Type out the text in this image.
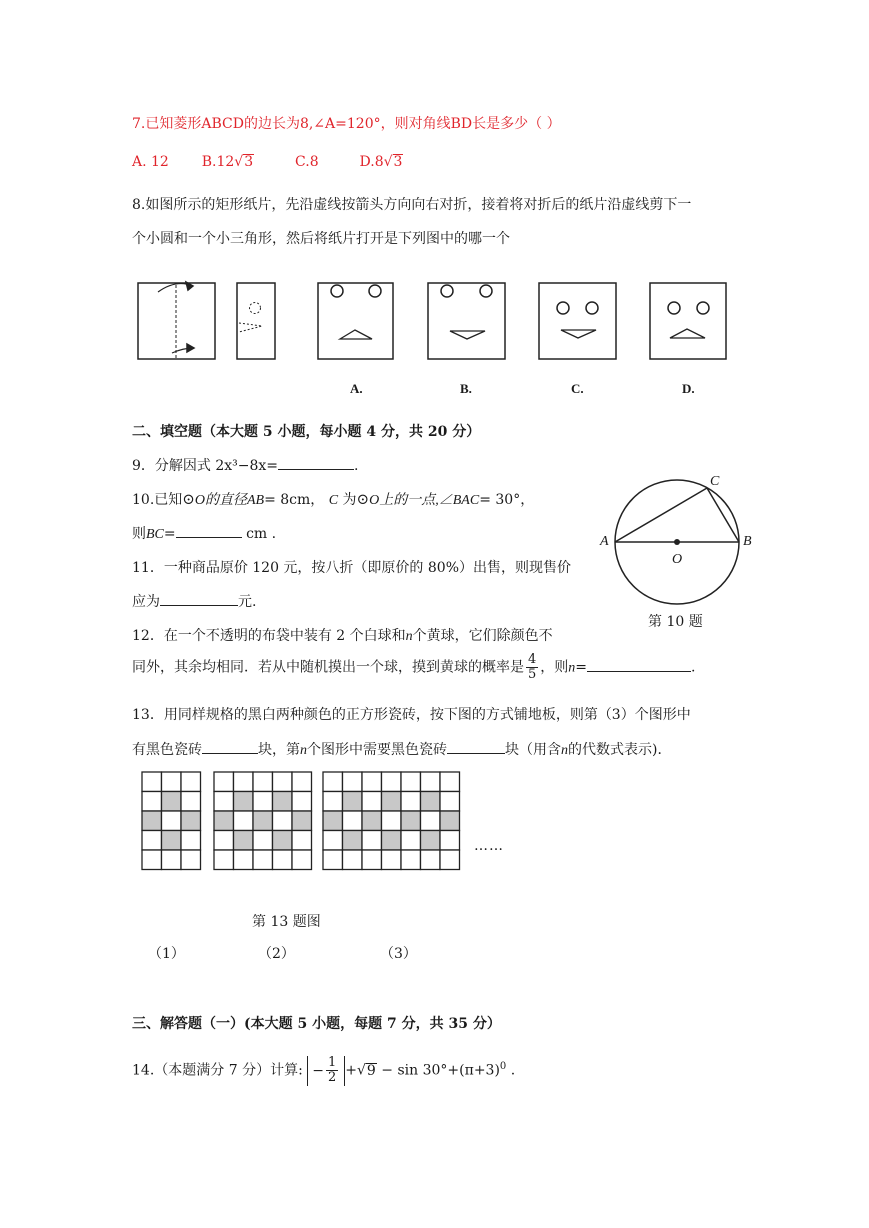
7.已知菱形ABCD的边长为8,∠A=120°，则对角线BD长是多少（ ）
A. 12 B.12√3	C.8	D.8√3
8.如图所示的矩形纸片，先沿虚线按箭头方向向右对折，接着将对折后的纸片沿虚线剪下一
个小圆和一个小三角形，然后将纸片打开是下列图中的哪一个
A.	B.	C.	D.
二、填空题（本大题 5 小题，每小题 4 分，共 20 分）
9．分解因式 2x³−8x=	.
10.已知⊙O的直径AB= 8cm， C 为⊙O上的一点,∠BAC= 30°，
则BC=	cm .	A	B
C
O
第 10 题
11．一种商品原价 120 元，按八折（即原价的 80%）出售，则现售价
应为	元.
12．在一个不透明的布袋中装有 2 个白球和n个黄球，它们除颜色不
同外，其余均相同．若从中随机摸出一个球，摸到黄球的概率是 $\frac{4}{5}$ ，则n=	.
13．用同样规格的黑白两种颜色的正方形瓷砖，按下图的方式铺地板，则第（3）个图形中
有黑色瓷砖	块，第n个图形中需要黑色瓷砖	块（用含n的代数式表示)．
……
第 13 题图
（1）	（2）	（3）
三、解答题（一）(本大题 5 小题，每题 7 分，共 35 分）
14.（本题满分 7 分）计算: − $\frac{1}{2} +√9 - \sin 30^\circ+(\pi+3)^0$ .
